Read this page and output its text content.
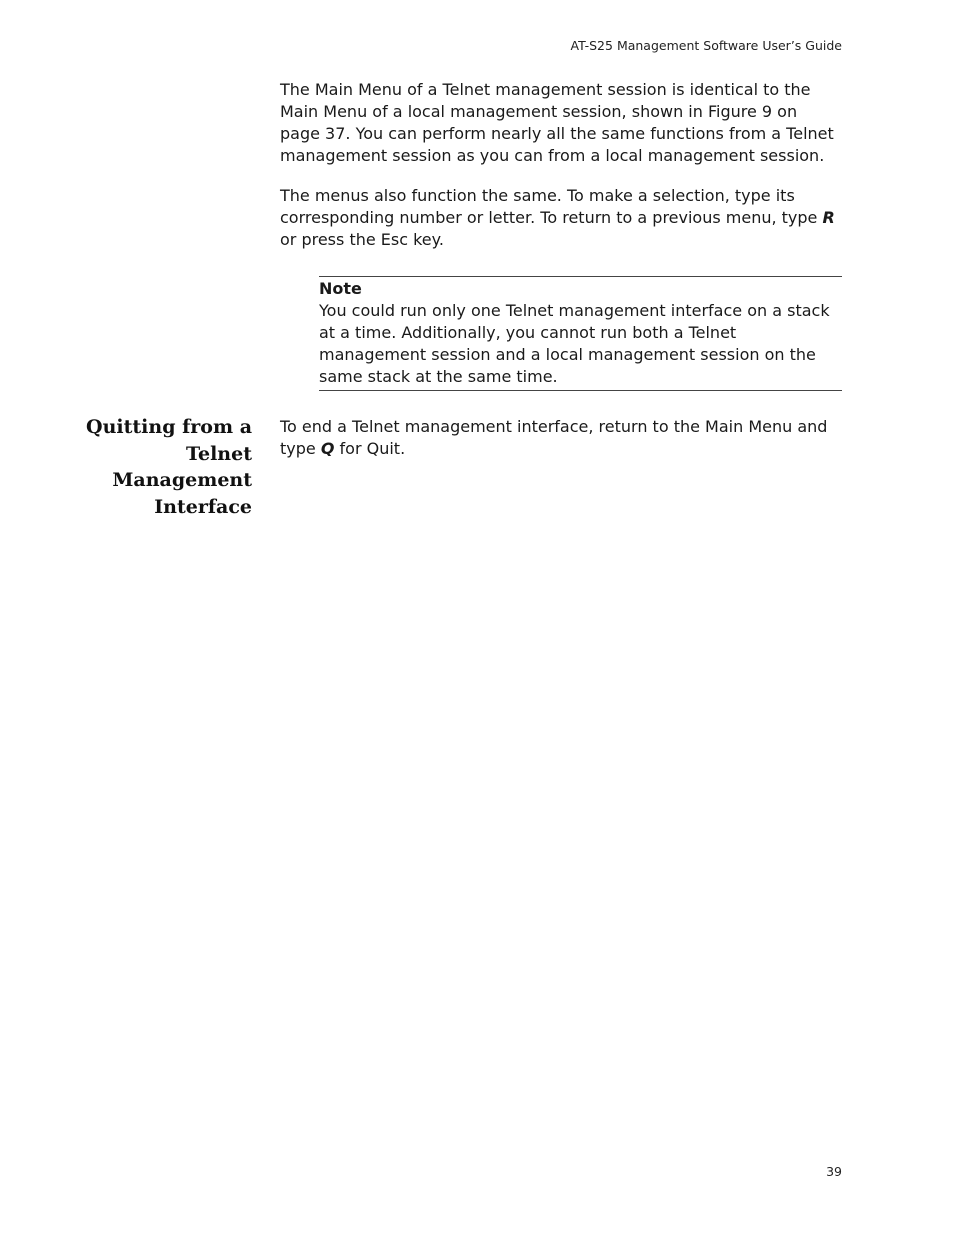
AT-S25 Management Software User’s Guide

The Main Menu of a Telnet management session is identical to the Main Menu of a local management session, shown in Figure 9 on page 37. You can perform nearly all the same functions from a Telnet management session as you can from a local management session.

The menus also function the same. To make a selection, type its corresponding number or letter. To return to a previous menu, type R or press the Esc key.

Note
You could run only one Telnet management interface on a stack at a time. Additionally, you cannot run both a Telnet management session and a local management session on the same stack at the same time.
Quitting from a
Telnet
Management
Interface

To end a Telnet management interface, return to the Main Menu and type Q for Quit.

39
